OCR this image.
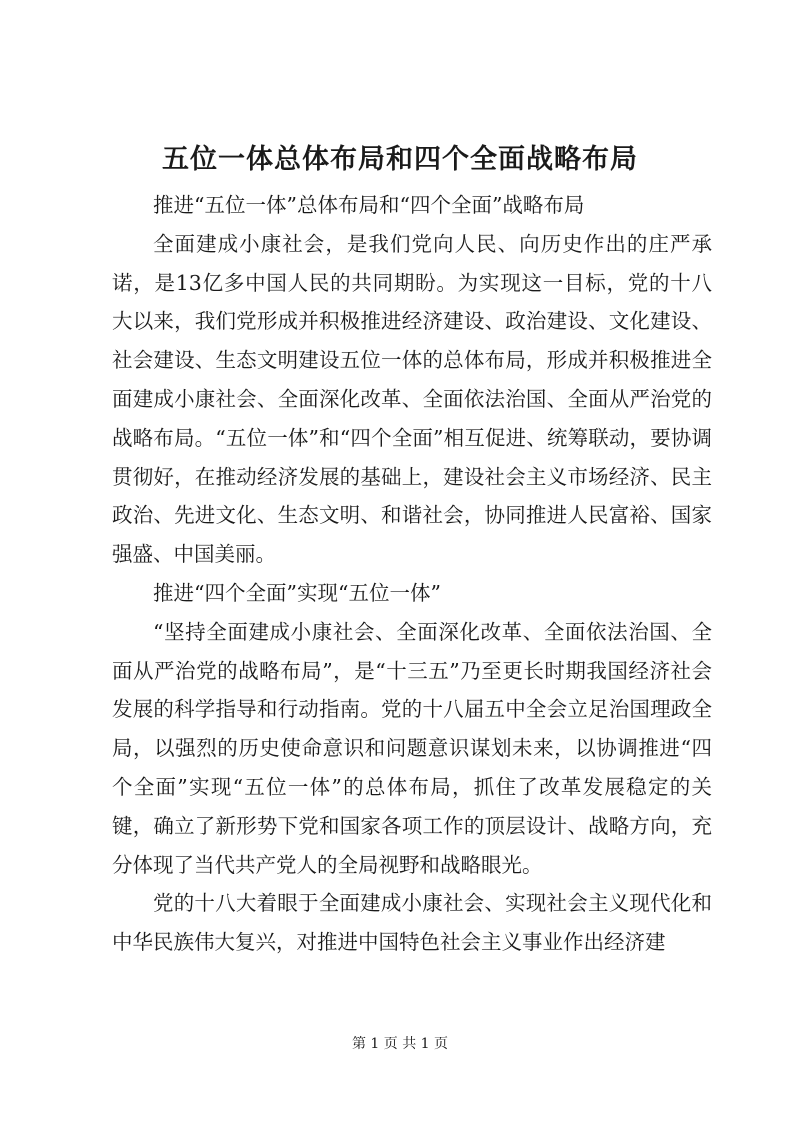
五位一体总体布局和四个全面战略布局

推进“五位一体”总体布局和“四个全面”战略布局

全面建成小康社会，是我们党向人民、向历史作出的庄严承诺，是13亿多中国人民的共同期盼。为实现这一目标，党的十八大以来，我们党形成并积极推进经济建设、政治建设、文化建设、社会建设、生态文明建设五位一体的总体布局，形成并积极推进全面建成小康社会、全面深化改革、全面依法治国、全面从严治党的战略布局。“五位一体”和“四个全面”相互促进、统筹联动，要协调贯彻好，在推动经济发展的基础上，建设社会主义市场经济、民主政治、先进文化、生态文明、和谐社会，协同推进人民富裕、国家强盛、中国美丽。

推进“四个全面”实现“五位一体”

“坚持全面建成小康社会、全面深化改革、全面依法治国、全面从严治党的战略布局”，是“十三五”乃至更长时期我国经济社会发展的科学指导和行动指南。党的十八届五中全会立足治国理政全局，以强烈的历史使命意识和问题意识谋划未来，以协调推进“四个全面”实现“五位一体”的总体布局，抓住了改革发展稳定的关键，确立了新形势下党和国家各项工作的顶层设计、战略方向，充分体现了当代共产党人的全局视野和战略眼光。

党的十八大着眼于全面建成小康社会、实现社会主义现代化和中华民族伟大复兴，对推进中国特色社会主义事业作出经济建

第 1 页 共 1 页
